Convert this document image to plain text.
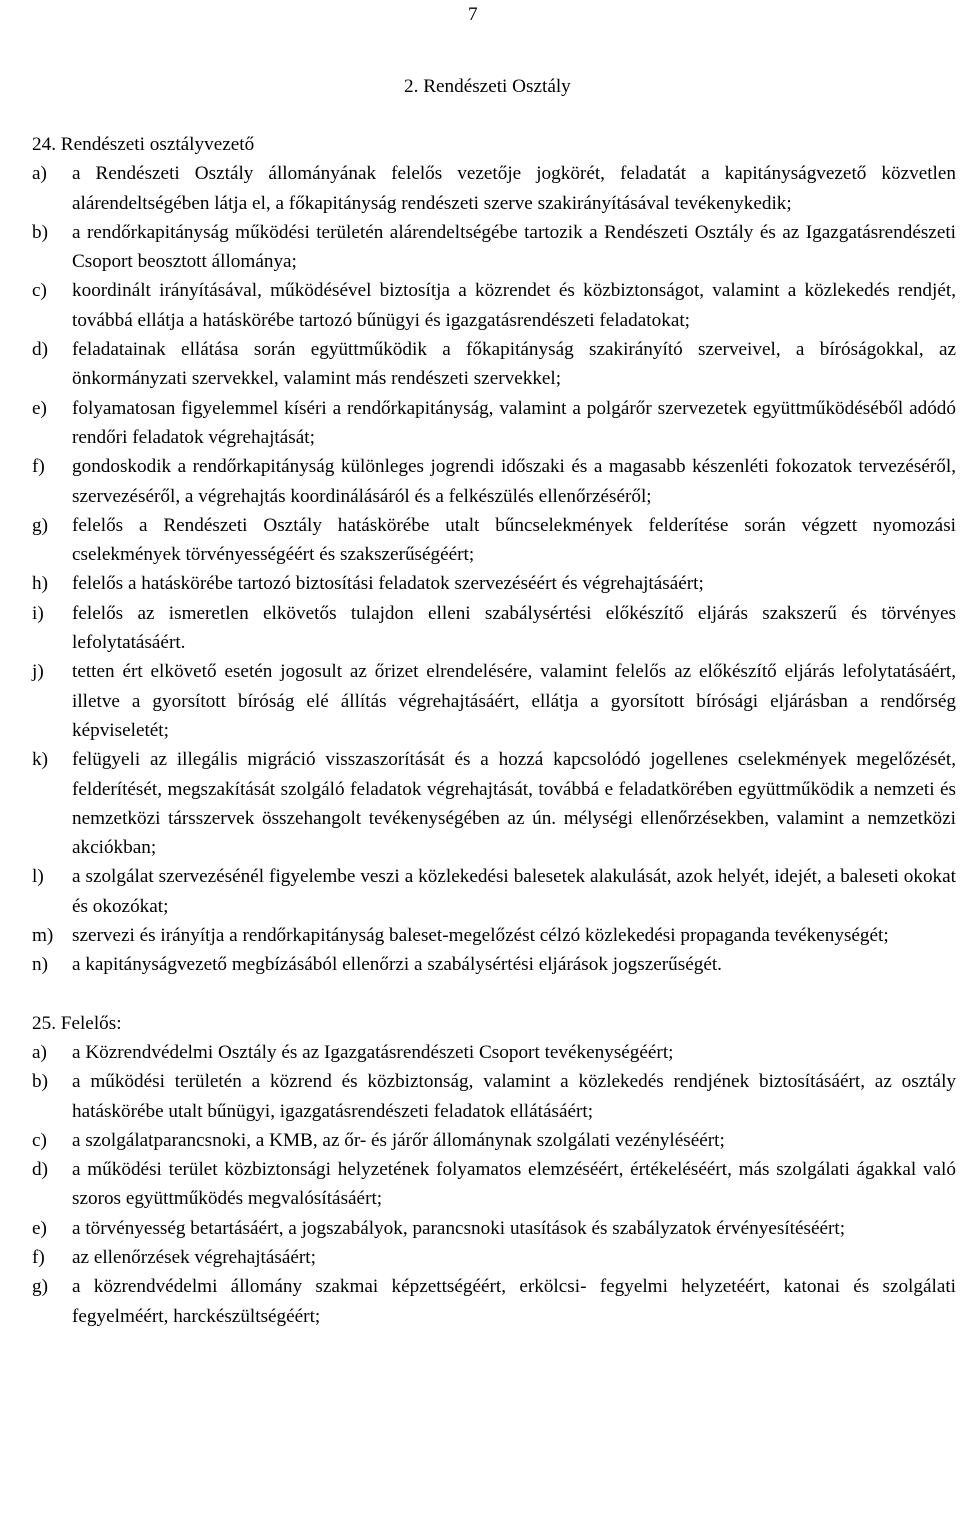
7
2. Rendészeti Osztály

24. Rendészeti osztályvezető

a) a Rendészeti Osztály állományának felelős vezetője jogkörét, feladatát a kapitányságvezető közvetlen alárendeltségében látja el, a főkapitányság rendészeti szerve szakirányításával tevékenykedik;
b) a rendőrkapitányság működési területén alárendeltségébe tartozik a Rendészeti Osztály és az Igazgatásrendészeti Csoport beosztott állománya;
c) koordinált irányításával, működésével biztosítja a közrendet és közbiztonságot, valamint a közlekedés rendjét, továbbá ellátja a hatáskörébe tartozó bűnügyi és igazgatásrendészeti feladatokat;
d) feladatainak ellátása során együttműködik a főkapitányság szakirányító szerveivel, a bíróságokkal, az önkormányzati szervekkel, valamint más rendészeti szervekkel;
e) folyamatosan figyelemmel kíséri a rendőrkapitányság, valamint a polgárőr szervezetek együttműködéséből adódó rendőri feladatok végrehajtását;
f) gondoskodik a rendőrkapitányság különleges jogrendi időszaki és a magasabb készenléti fokozatok tervezéséről, szervezéséről, a végrehajtás koordinálásáról és a felkészülés ellenőrzéséről;
g) felelős a Rendészeti Osztály hatáskörébe utalt bűncselekmények felderítése során végzett nyomozási cselekmények törvényességéért és szakszerűségéért;
h) felelős a hatáskörébe tartozó biztosítási feladatok szervezéséért és végrehajtásáért;
i) felelős az ismeretlen elkövetős tulajdon elleni szabálysértési előkészítő eljárás szakszerű és törvényes lefolytatásáért.
j) tetten ért elkövető esetén jogosult az őrizet elrendelésére, valamint felelős az előkészítő eljárás lefolytatásáért, illetve a gyorsított bíróság elé állítás végrehajtásáért, ellátja a gyorsított bírósági eljárásban a rendőrség képviseletét;
k) felügyeli az illegális migráció visszaszorítását és a hozzá kapcsolódó jogellenes cselekmények megelőzését, felderítését, megszakítását szolgáló feladatok végrehajtását, továbbá e feladatkörében együttműködik a nemzeti és nemzetközi társszervek összehangolt tevékenységében az ún. mélységi ellenőrzésekben, valamint a nemzetközi akciókban;
l) a szolgálat szervezésénél figyelembe veszi a közlekedési balesetek alakulását, azok helyét, idejét, a baleseti okokat és okozókat;
m) szervezi és irányítja a rendőrkapitányság baleset-megelőzést célzó közlekedési propaganda tevékenységét;
n) a kapitányságvezető megbízásából ellenőrzi a szabálysértési eljárások jogszerűségét.

25. Felelős:

a) a Közrendvédelmi Osztály és az Igazgatásrendészeti Csoport tevékenységéért;
b) a működési területén a közrend és közbiztonság, valamint a közlekedés rendjének biztosításáért, az osztály hatáskörébe utalt bűnügyi, igazgatásrendészeti feladatok ellátásáért;
c) a szolgálatparancsnoki, a KMB, az őr- és járőr állománynak szolgálati vezényléséért;
d) a működési terület közbiztonsági helyzetének folyamatos elemzéséért, értékeléséért, más szolgálati ágakkal való szoros együttműködés megvalósításáért;
e) a törvényesség betartásáért, a jogszabályok, parancsnoki utasítások és szabályzatok érvényesítéséért;
f) az ellenőrzések végrehajtásáért;
g) a közrendvédelmi állomány szakmai képzettségéért, erkölcsi- fegyelmi helyzetéért, katonai és szolgálati fegyelméért, harckészültségéért;
